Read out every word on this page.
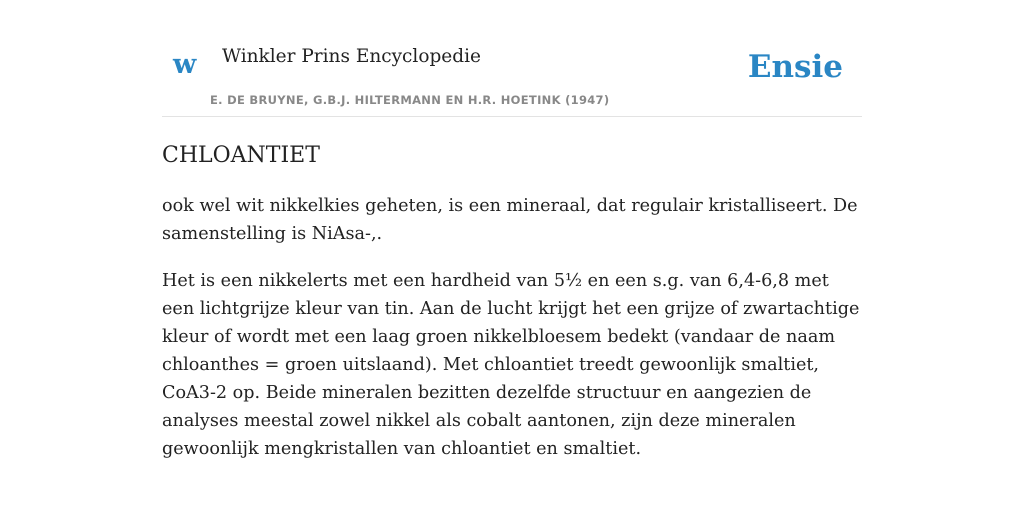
w Winkler Prins Encyclopedie
E. DE BRUYNE, G.B.J. HILTERMANN EN H.R. HOETINK (1947)
Ensie
CHLOANTIET

ook wel wit nikkelkies geheten, is een mineraal, dat regulair kristalliseert. De samenstelling is NiAsa-,.

Het is een nikkelerts met een hardheid van 5½ en een s.g. van 6,4-6,8 met een lichtgrijze kleur van tin. Aan de lucht krijgt het een grijze of zwartachtige kleur of wordt met een laag groen nikkelbloesem bedekt (vandaar de naam chloanthes = groen uitslaand). Met chloantiet treedt gewoonlijk smaltiet, CoA3-2 op. Beide mineralen bezitten dezelfde structuur en aangezien de analyses meestal zowel nikkel als cobalt aantonen, zijn deze mineralen gewoonlijk mengkristallen van chloantiet en smaltiet.
